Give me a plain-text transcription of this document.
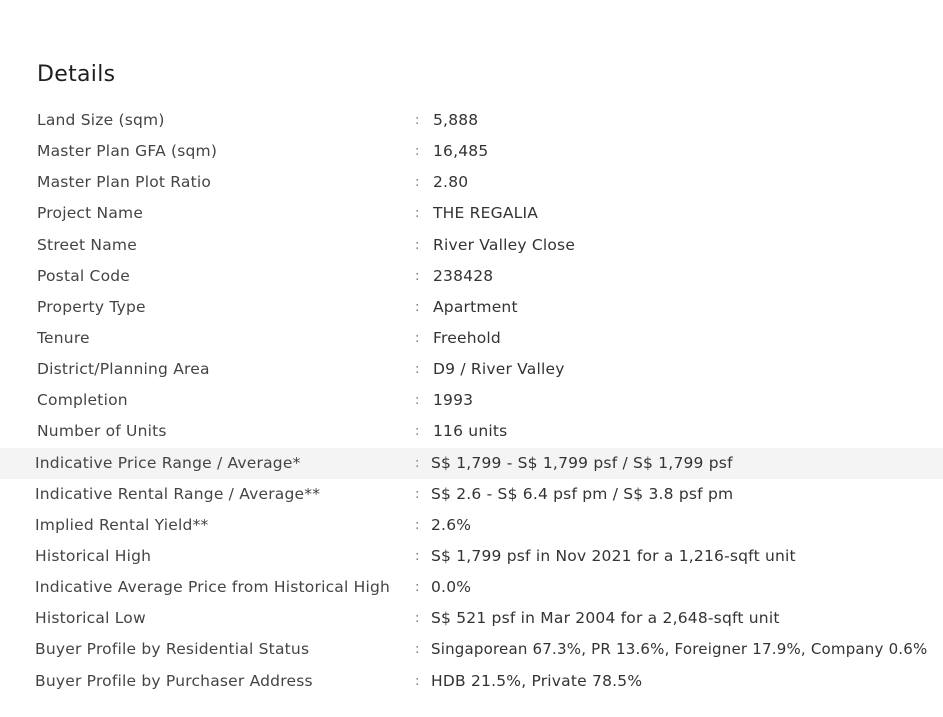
Details
Land Size (sqm)	: 5,888
Master Plan GFA (sqm)	: 16,485
Master Plan Plot Ratio	: 2.80
Project Name	: THE REGALIA
Street Name	: River Valley Close
Postal Code	: 238428
Property Type	: Apartment
Tenure	: Freehold
District/Planning Area	: D9 / River Valley
Completion	: 1993
Number of Units	: 116 units
Indicative Price Range / Average*	: S$ 1,799 - S$ 1,799 psf / S$ 1,799 psf
Indicative Rental Range / Average**	: S$ 2.6 - S$ 6.4 psf pm / S$ 3.8 psf pm
Implied Rental Yield**	: 2.6%
Historical High	: S$ 1,799 psf in Nov 2021 for a 1,216-sqft unit
Indicative Average Price from Historical High : 0.0%
Historical Low	: S$ 521 psf in Mar 2004 for a 2,648-sqft unit
Buyer Profile by Residential Status	: Singaporean 67.3%, PR 13.6%, Foreigner 17.9%, Company 0.6%
Buyer Profile by Purchaser Address	: HDB 21.5%, Private 78.5%
